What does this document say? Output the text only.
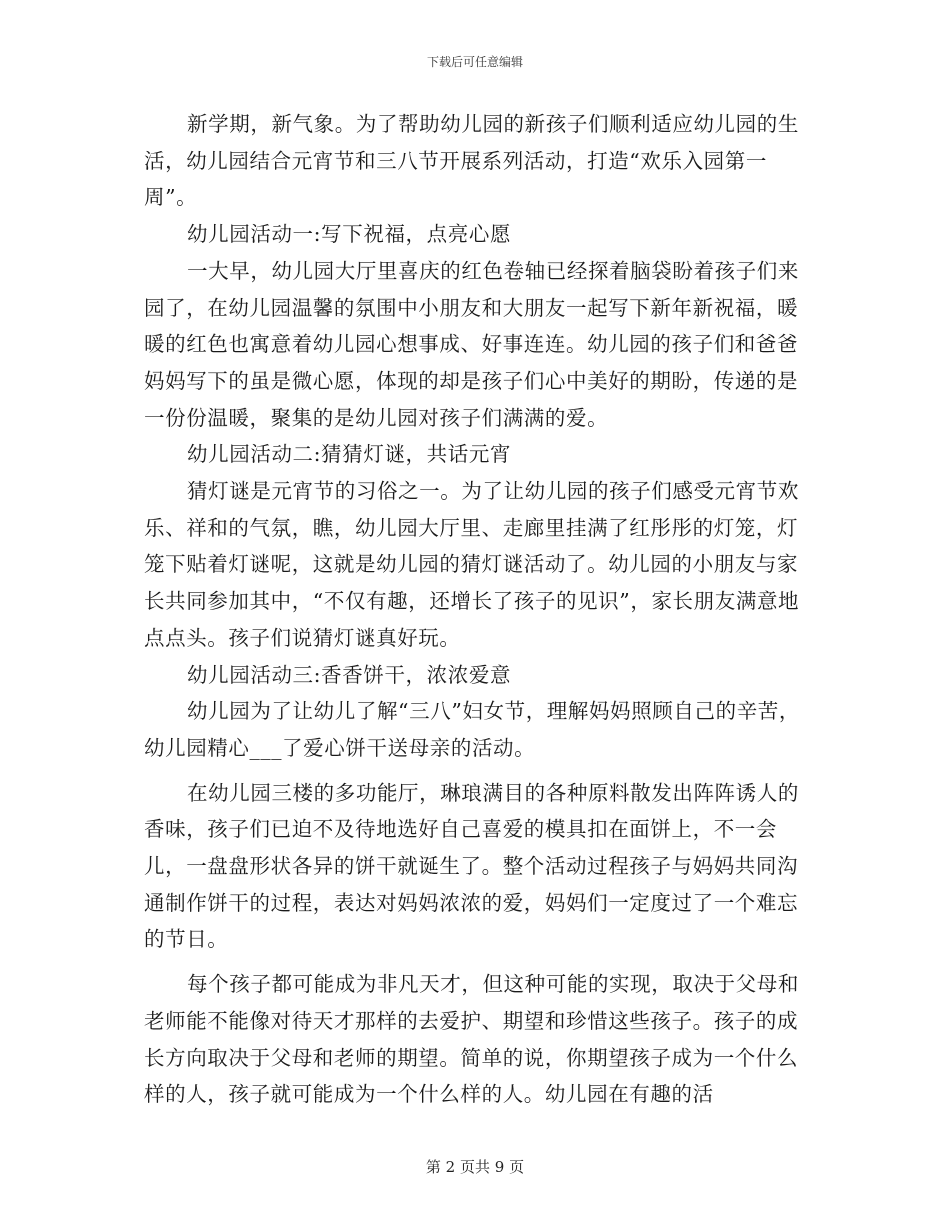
下载后可任意编辑

新学期，新气象。为了帮助幼儿园的新孩子们顺利适应幼儿园的生活，幼儿园结合元宵节和三八节开展系列活动，打造“欢乐入园第一周”。

幼儿园活动一:写下祝福，点亮心愿

一大早，幼儿园大厅里喜庆的红色卷轴已经探着脑袋盼着孩子们来园了，在幼儿园温馨的氛围中小朋友和大朋友一起写下新年新祝福，暖暖的红色也寓意着幼儿园心想事成、好事连连。幼儿园的孩子们和爸爸妈妈写下的虽是微心愿，体现的却是孩子们心中美好的期盼，传递的是一份份温暖，聚集的是幼儿园对孩子们满满的爱。

幼儿园活动二:猜猜灯谜，共话元宵

猜灯谜是元宵节的习俗之一。为了让幼儿园的孩子们感受元宵节欢乐、祥和的气氛，瞧，幼儿园大厅里、走廊里挂满了红彤彤的灯笼，灯笼下贴着灯谜呢，这就是幼儿园的猜灯谜活动了。幼儿园的小朋友与家长共同参加其中，“不仅有趣，还增长了孩子的见识”，家长朋友满意地点点头。孩子们说猜灯谜真好玩。

幼儿园活动三:香香饼干，浓浓爱意

幼儿园为了让幼儿了解“三八”妇女节，理解妈妈照顾自己的辛苦，幼儿园精心___了爱心饼干送母亲的活动。

在幼儿园三楼的多功能厅，琳琅满目的各种原料散发出阵阵诱人的香味，孩子们已迫不及待地选好自己喜爱的模具扣在面饼上，不一会儿，一盘盘形状各异的饼干就诞生了。整个活动过程孩子与妈妈共同沟通制作饼干的过程，表达对妈妈浓浓的爱，妈妈们一定度过了一个难忘的节日。

每个孩子都可能成为非凡天才，但这种可能的实现，取决于父母和老师能不能像对待天才那样的去爱护、期望和珍惜这些孩子。孩子的成长方向取决于父母和老师的期望。简单的说，你期望孩子成为一个什么样的人，孩子就可能成为一个什么样的人。幼儿园在有趣的活

第 2 页共 9 页
